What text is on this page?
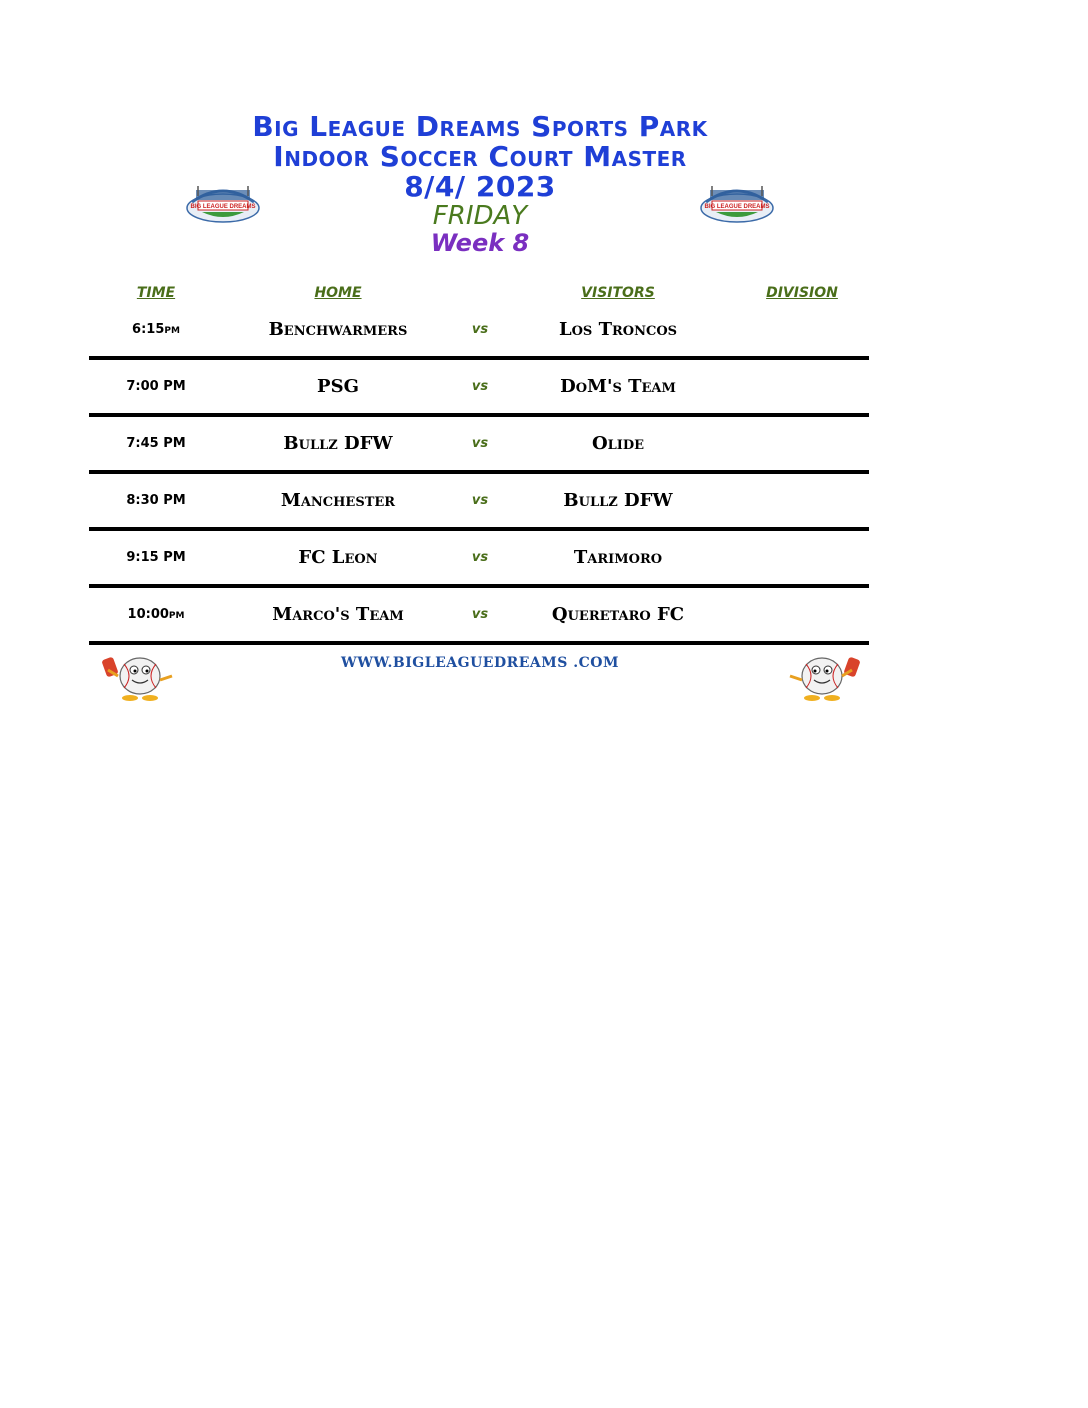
Big League Dreams Sports Park
Indoor Soccer Court Master
8/4/ 2023
FRIDAY
Week 8
BIG LEAGUE DREAMS	BIG LEAGUE DREAMS
TIME	HOME	VISITORS	DIVISION
6:15pm	Benchwarmers	vs	Los Troncos
7:00 PM	PSG	vs	DoM's Team
7:45 PM	Bullz DFW	vs	Olide
8:30 PM	Manchester	vs	Bullz DFW
9:15 PM	FC Leon	vs	Tarimoro
10:00pm	Marco's Team	vs	Queretaro FC
WWW.BIGLEAGUEDREAMS .COM
